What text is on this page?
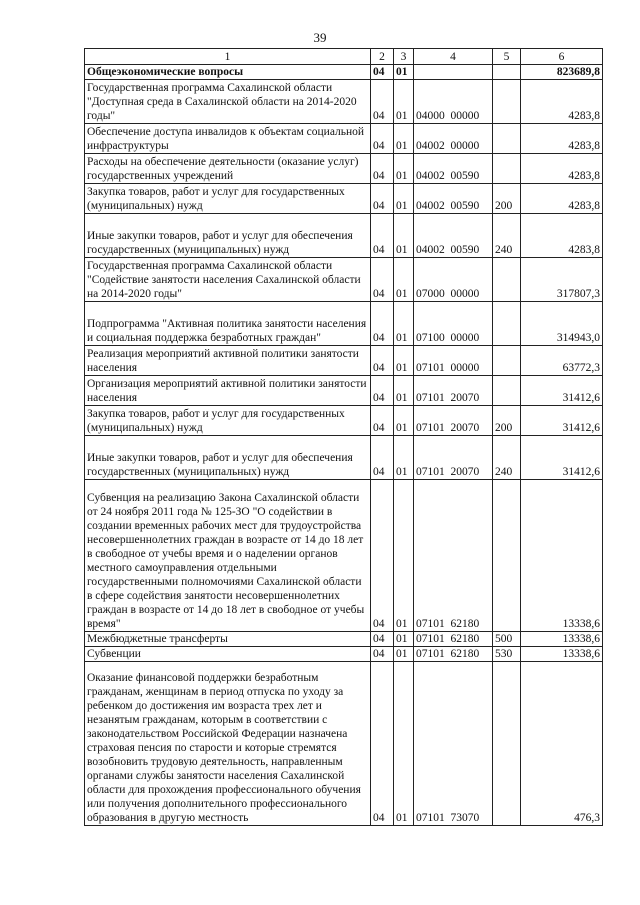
39
1	2	3	4	5	6
Общеэкономические вопросы	04	01			823689,8
Государственная программа Сахалинской области "Доступная среда в Сахалинской области на 2014-2020 годы"	04	01	04000  00000		4283,8
Обеспечение доступа инвалидов к объектам социальной инфраструктуры	04	01	04002  00000		4283,8
Расходы на обеспечение деятельности (оказание услуг) государственных учреждений	04	01	04002  00590		4283,8
Закупка товаров, работ и услуг для государственных (муниципальных) нужд	04	01	04002  00590	200	4283,8
Иные закупки товаров, работ и услуг для обеспечения государственных (муниципальных) нужд	04	01	04002  00590	240	4283,8
Государственная программа Сахалинской области "Содействие занятости населения Сахалинской области на 2014-2020 годы"	04	01	07000  00000		317807,3
Подпрограмма "Активная политика занятости населения и социальная поддержка безработных граждан"	04	01	07100  00000		314943,0
Реализация мероприятий активной политики занятости населения	04	01	07101  00000		63772,3
Организация мероприятий активной политики занятости населения	04	01	07101  20070		31412,6
Закупка товаров, работ и услуг для государственных (муниципальных) нужд	04	01	07101  20070	200	31412,6
Иные закупки товаров, работ и услуг для обеспечения государственных (муниципальных) нужд	04	01	07101  20070	240	31412,6
Субвенция на реализацию Закона Сахалинской области от 24 ноября 2011 года № 125-ЗО "О содействии в создании временных рабочих мест для трудоустройства несовершеннолетних граждан в возрасте от 14 до 18 лет в свободное от учебы время и о наделении органов местного самоуправления отдельными государственными полномочиями Сахалинской области в сфере содействия занятости несовершеннолетних граждан в возрасте от 14 до 18 лет в свободное от учебы время"	04	01	07101  62180		13338,6
Межбюджетные трансферты	04	01	07101  62180	500	13338,6
Субвенции	04	01	07101  62180	530	13338,6
Оказание финансовой поддержки безработным гражданам, женщинам в период отпуска по уходу за ребенком до достижения им возраста трех лет и незанятым гражданам, которым в соответствии с законодательством Российской Федерации назначена страховая пенсия по старости и которые стремятся возобновить трудовую деятельность, направленным органами службы занятости населения Сахалинской области для прохождения профессионального обучения или получения дополнительного профессионального образования в другую местность	04	01	07101  73070		476,3
